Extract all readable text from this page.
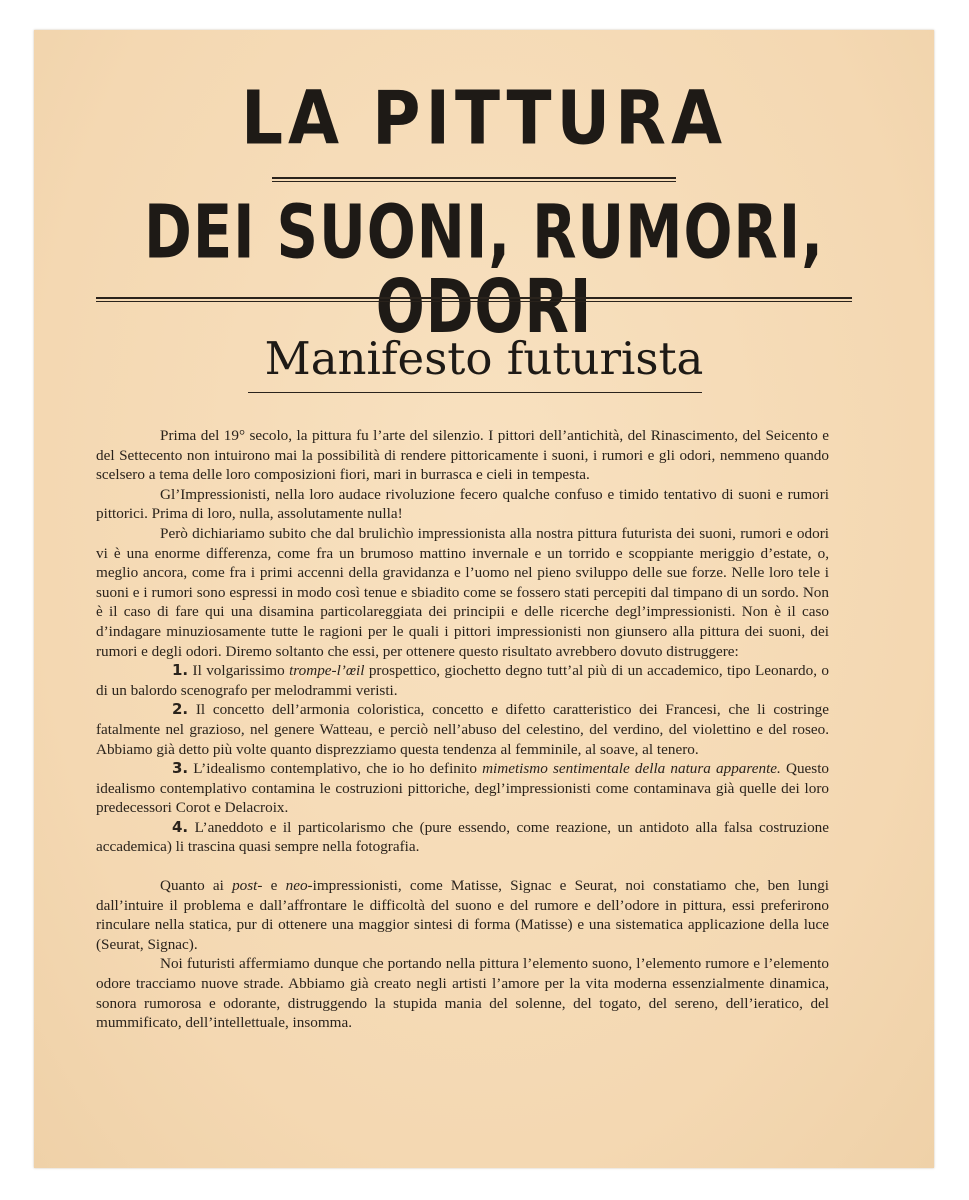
LA PITTURA
DEI SUONI, RUMORI, ODORI
Manifesto futurista

Prima del 19° secolo, la pittura fu l’arte del silenzio. I pittori dell’antichità, del Rinascimento, del Seicento e del Settecento non intuirono mai la possibilità di rendere pittoricamente i suoni, i rumori e gli odori, nemmeno quando scelsero a tema delle loro composizioni fiori, mari in burrasca e cieli in tempesta.

Gl’Impressionisti, nella loro audace rivoluzione fecero qualche confuso e timido tentativo di suoni e rumori pittorici. Prima di loro, nulla, assolutamente nulla!

Però dichiariamo subito che dal brulichìo impressionista alla nostra pittura futurista dei suoni, rumori e odori vi è una enorme differenza, come fra un brumoso mattino invernale e un torrido e scoppiante meriggio d’estate, o, meglio ancora, come fra i primi accenni della gravidanza e l’uomo nel pieno sviluppo delle sue forze. Nelle loro tele i suoni e i rumori sono espressi in modo così tenue e sbiadito come se fossero stati percepiti dal timpano di un sordo. Non è il caso di fare qui una disamina particolareggiata dei principii e delle ricerche degl’impressionisti. Non è il caso d’indagare minuziosamente tutte le ragioni per le quali i pittori impressionisti non giunsero alla pittura dei suoni, dei rumori e degli odori. Diremo soltanto che essi, per ottenere questo risultato avrebbero dovuto distruggere:

1. Il volgarissimo trompe-l’œil prospettico, giochetto degno tutt’al più di un accademico, tipo Leonardo, o di un balordo scenografo per melodrammi veristi.

2. Il concetto dell’armonia coloristica, concetto e difetto caratteristico dei Francesi, che li costringe fatalmente nel grazioso, nel genere Watteau, e perciò nell’abuso del celestino, del verdino, del violettino e del roseo. Abbiamo già detto più volte quanto disprezziamo questa tendenza al femminile, al soave, al tenero.

3. L’idealismo contemplativo, che io ho definito mimetismo sentimentale della natura apparente. Questo idealismo contemplativo contamina le costruzioni pittoriche, degl’impressionisti come contaminava già quelle dei loro predecessori Corot e Delacroix.

4. L’aneddoto e il particolarismo che (pure essendo, come reazione, un antidoto alla falsa costruzione accademica) li trascina quasi sempre nella fotografia.

Quanto ai post- e neo-impressionisti, come Matisse, Signac e Seurat, noi constatiamo che, ben lungi dall’intuire il problema e dall’affrontare le difficoltà del suono e del rumore e dell’odore in pittura, essi preferirono rinculare nella statica, pur di ottenere una maggior sintesi di forma (Matisse) e una sistematica applicazione della luce (Seurat, Signac).

Noi futuristi affermiamo dunque che portando nella pittura l’elemento suono, l’elemento rumore e l’elemento odore tracciamo nuove strade. Abbiamo già creato negli artisti l’amore per la vita moderna essenzialmente dinamica, sonora rumorosa e odorante, distruggendo la stupida mania del solenne, del togato, del sereno, dell’ieratico, del mummificato, dell’intellettuale, insomma.
